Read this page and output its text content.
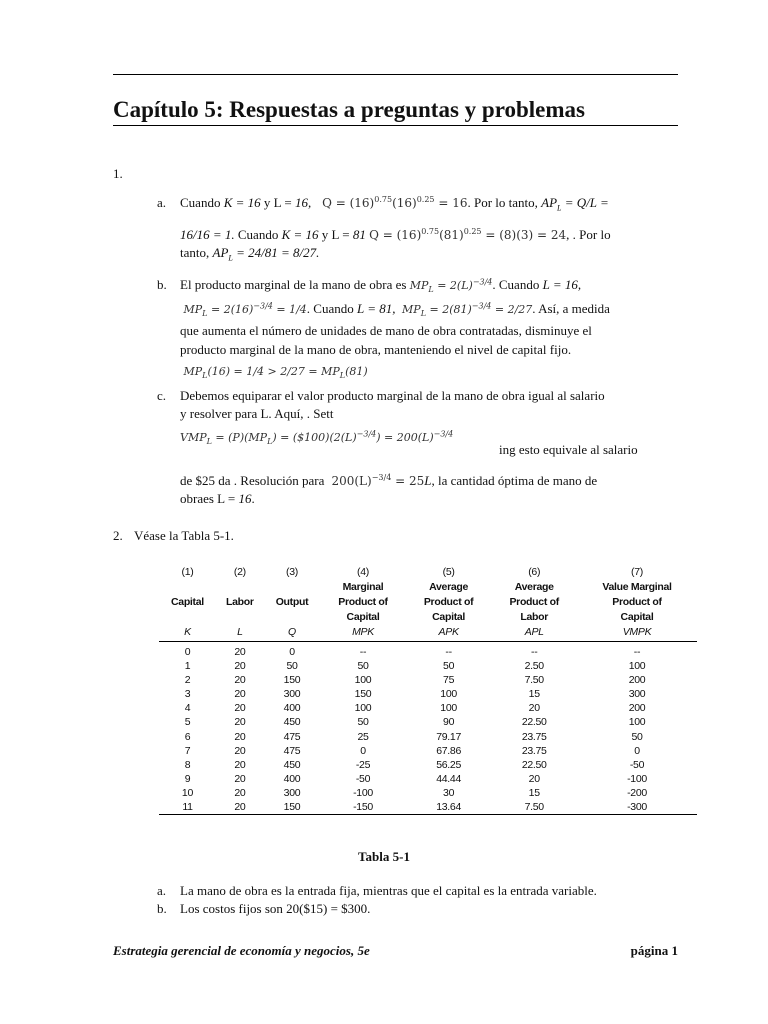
Capítulo 5: Respuestas a preguntas y problemas
1.
a. Cuando K = 16 y L = 16,   $Q = (16)^{0.75}(16)^{0.25} = 16$. Por lo tanto, $AP_L = Q/L$ =
16/16 = 1. Cuando K = 16 y L = 81 $Q = (16)^{0.75}(81)^{0.25} = (8)(3) = 24$, . Por lo
tanto, $AP_L = 24/81 = 8/27$.
b. El producto marginal de la mano de obra es $MP_L = 2(L)^{-3/4}$. Cuando L = 16,
$MP_L = 2(16)^{-3/4} = 1/4$. Cuando L = 81, $MP_L = 2(81)^{-3/4} = 2/27$. Así, a medida
que aumenta el número de unidades de mano de obra contratadas, disminuye el
producto marginal de la mano de obra, manteniendo el nivel de capital fijo.
$MP_L(16) = 1/4 > 2/27 = MP_L(81)$
c. Debemos equiparar el valor producto marginal de la mano de obra igual al salario
y resolver para L. Aquí, . Sett
$VMP_L = (P)(MP_L)$ = $(\$100)(2(L)^{-3/4}) = 200(L)^{-3/4}$
ing esto equivale al salario
de $25 da . Resolución para  $200(L)^{-3/4} = 25L$, la cantidad óptima de mano de
obraes L = 16.
2. Véase la Tabla 5-1.
(1)	(2)	(3)	(4)	(5)	(6)	(7)
			Marginal	Average	Average	Value Marginal
Capital	Labor	Output	Product of	Product of	Product of	Product of
			Capital	Capital	Labor	Capital
K	L	Q	MPK	APK	APL	VMPK
0	20	0	--	--	--	--
1	20	50	50	50	2.50	100
2	20	150	100	75	7.50	200
3	20	300	150	100	15	300
4	20	400	100	100	20	200
5	20	450	50	90	22.50	100
6	20	475	25	79.17	23.75	50
7	20	475	0	67.86	23.75	0
8	20	450	-25	56.25	22.50	-50
9	20	400	-50	44.44	20	-100
10	20	300	-100	30	15	-200
11	20	150	-150	13.64	7.50	-300
Tabla 5-1
a. La mano de obra es la entrada fija, mientras que el capital es la entrada variable.
b. Los costos fijos son 20($15) = $300.
Estrategia gerencial de economía y negocios, 5e	página 1
